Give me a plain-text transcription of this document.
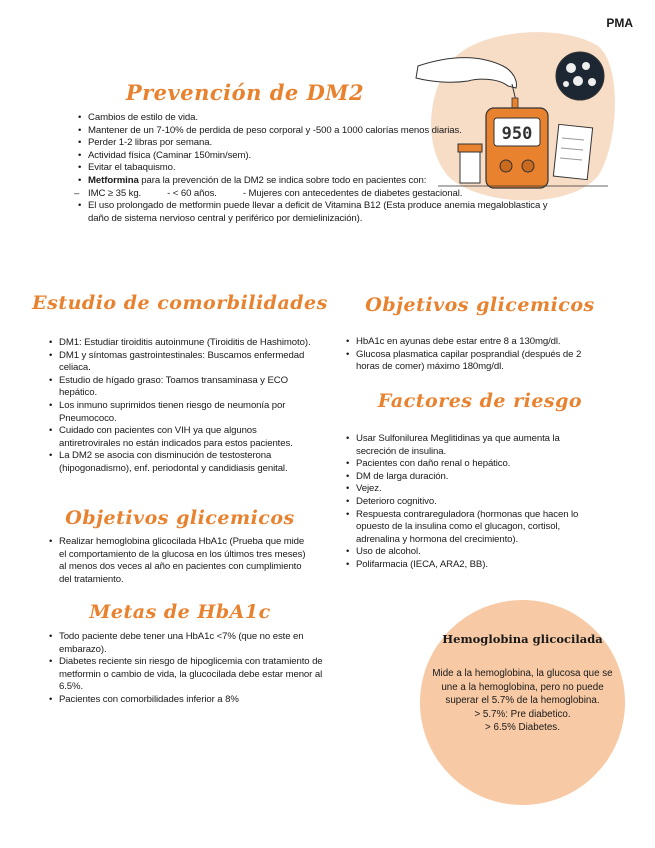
PMA
950
Prevención de DM2
• Cambios de estilo de vida.
• Mantener de un 7-10% de perdida de peso corporal y -500 a 1000 calorías menos diarias.
• Perder 1-2 libras por semana.
• Actividad física (Caminar 150min/sem).
• Evitar el tabaquismo.
• Metformina para la prevención de la DM2 se indica sobre todo en pacientes con:
– IMC ≥ 35 kg.	- < 60 años.	- Mujeres con antecedentes de diabetes gestacional.
• El uso prolongado de metformin puede llevar a deficit de Vitamina B12 (Esta produce anemia megaloblastica y daño de sistema nervioso central y periférico por demielinización).
Estudio de comorbilidades
• DM1: Estudiar tiroiditis autoinmune (Tiroiditis de Hashimoto).
• DM1 y síntomas gastrointestinales: Buscamos enfermedad celiaca.
• Estudio de hígado graso: Toamos transaminasa y ECO hepático.
• Los inmuno suprimidos tienen riesgo de neumonía por Pneumococo.
• Cuidado con pacientes con VIH ya que algunos antiretrovirales no están indicados para estos pacientes.
• La DM2 se asocia con disminución de testosterona (hipogonadismo), enf. periodontal y candidiasis genital.
Objetivos glicemicos
• Realizar hemoglobina glicocilada HbA1c (Prueba que mide el comportamiento de la glucosa en los últimos tres meses) al menos dos veces al año en pacientes con cumplimiento del tratamiento.
Metas de HbA1c
• Todo paciente debe tener una HbA1c <7% (que no este en embarazo).
• Diabetes reciente sin riesgo de hipoglicemia con tratamiento de metformin o cambio de vida, la glucocilada debe estar menor al 6.5%.
• Pacientes con comorbilidades inferior a 8%
Objetivos glicemicos
• HbA1c en ayunas debe estar entre 8 a 130mg/dl.
• Glucosa plasmatica capilar posprandial (después de 2 horas de comer) máximo 180mg/dl.
Factores de riesgo
• Usar Sulfonilurea Meglitidinas ya que aumenta la secreción de insulina.
• Pacientes con daño renal o hepático.
• DM de larga duración.
• Vejez.
• Deterioro cognitivo.
• Respuesta contrareguladora (hormonas que hacen lo opuesto de la insulina como el glucagon, cortisol, adrenalina y hormona del crecimiento).
• Uso de alcohol.
• Polifarmacia (IECA, ARA2, BB).
Hemoglobina glicocilada
Mide a la hemoglobina, la glucosa que se une a la hemoglobina, pero no puede superar el 5.7% de la hemoglobina.
> 5.7%: Pre diabetico.
> 6.5% Diabetes.
